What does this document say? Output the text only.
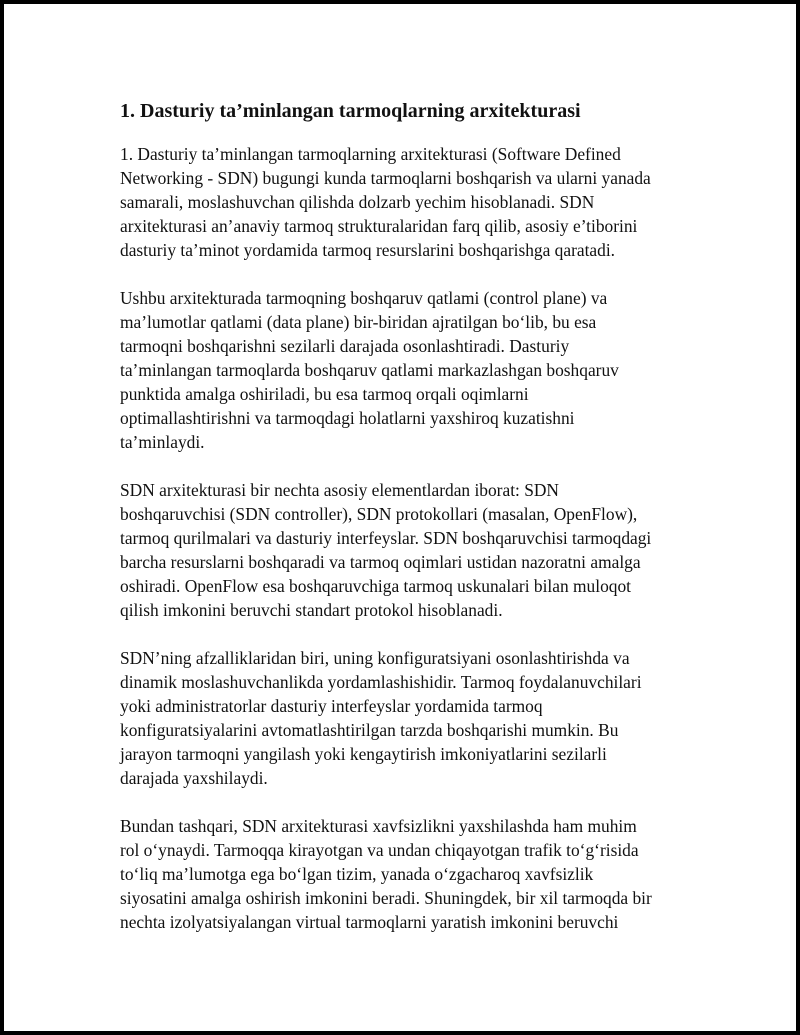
1. Dasturiy ta’minlangan tarmoqlarning arxitekturasi
1. Dasturiy ta’minlangan tarmoqlarning arxitekturasi (Software Defined
Networking - SDN) bugungi kunda tarmoqlarni boshqarish va ularni yanada
samarali, moslashuvchan qilishda dolzarb yechim hisoblanadi. SDN
arxitekturasi an’anaviy tarmoq strukturalaridan farq qilib, asosiy e’tiborini
dasturiy ta’minot yordamida tarmoq resurslarini boshqarishga qaratadi.
Ushbu arxitekturada tarmoqning boshqaruv qatlami (control plane) va
ma’lumotlar qatlami (data plane) bir-biridan ajratilgan bo‘lib, bu esa
tarmoqni boshqarishni sezilarli darajada osonlashtiradi. Dasturiy
ta’minlangan tarmoqlarda boshqaruv qatlami markazlashgan boshqaruv
punktida amalga oshiriladi, bu esa tarmoq orqali oqimlarni
optimallashtirishni va tarmoqdagi holatlarni yaxshiroq kuzatishni
ta’minlaydi.
SDN arxitekturasi bir nechta asosiy elementlardan iborat: SDN
boshqaruvchisi (SDN controller), SDN protokollari (masalan, OpenFlow),
tarmoq qurilmalari va dasturiy interfeyslar. SDN boshqaruvchisi tarmoqdagi
barcha resurslarni boshqaradi va tarmoq oqimlari ustidan nazoratni amalga
oshiradi. OpenFlow esa boshqaruvchiga tarmoq uskunalari bilan muloqot
qilish imkonini beruvchi standart protokol hisoblanadi.
SDN’ning afzalliklaridan biri, uning konfiguratsiyani osonlashtirishda va
dinamik moslashuvchanlikda yordamlashishidir. Tarmoq foydalanuvchilari
yoki administratorlar dasturiy interfeyslar yordamida tarmoq
konfiguratsiyalarini avtomatlashtirilgan tarzda boshqarishi mumkin. Bu
jarayon tarmoqni yangilash yoki kengaytirish imkoniyatlarini sezilarli
darajada yaxshilaydi.
Bundan tashqari, SDN arxitekturasi xavfsizlikni yaxshilashda ham muhim
rol o‘ynaydi. Tarmoqqa kirayotgan va undan chiqayotgan trafik to‘g‘risida
to‘liq ma’lumotga ega bo‘lgan tizim, yanada o‘zgacharoq xavfsizlik
siyosatini amalga oshirish imkonini beradi. Shuningdek, bir xil tarmoqda bir
nechta izolyatsiyalangan virtual tarmoqlarni yaratish imkonini beruvchi
